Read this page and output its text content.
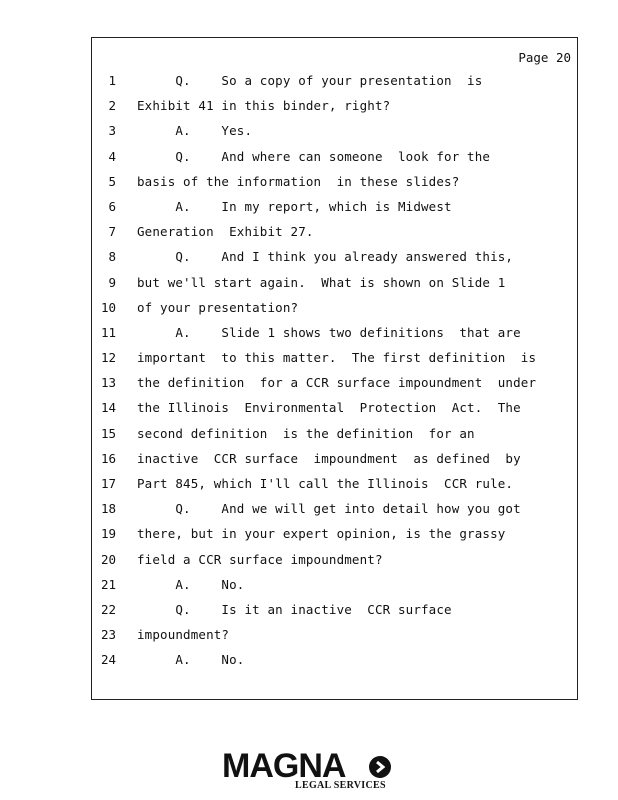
Page 20
1 Q.    So a copy of your presentation  is
2 Exhibit 41 in this binder, right?
3 A.    Yes.
4 Q.    And where can someone  look for the
5 basis of the information  in these slides?
6 A.    In my report, which is Midwest
7 Generation  Exhibit 27.
8 Q.    And I think you already answered this,
9 but we'll start again.  What is shown on Slide 1
10 of your presentation?
11 A.    Slide 1 shows two definitions  that are
12 important  to this matter.  The first definition  is
13 the definition  for a CCR surface impoundment  under
14 the Illinois  Environmental  Protection  Act.  The
15 second definition  is the definition  for an
16 inactive  CCR surface  impoundment  as defined  by
17 Part 845, which I'll call the Illinois  CCR rule.
18 Q.    And we will get into detail how you got
19 there, but in your expert opinion, is the grassy
20 field a CCR surface impoundment?
21 A.    No.
22 Q.    Is it an inactive  CCR surface
23 impoundment?
24 A.    No.
MAGNA
LEGAL SERVICES
